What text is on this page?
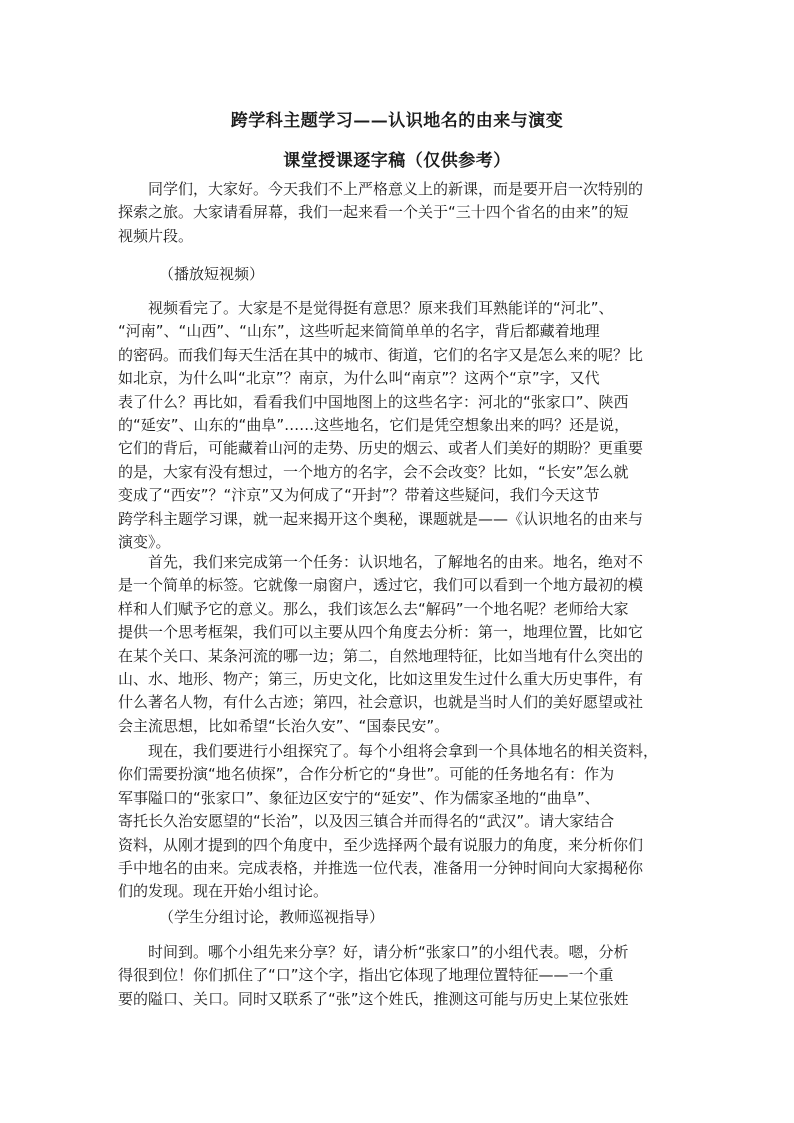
跨学科主题学习——认识地名的由来与演变
课堂授课逐字稿（仅供参考）
　　同学们，大家好。今天我们不上严格意义上的新课，而是要开启一次特别的
探索之旅。大家请看屏幕，我们一起来看一个关于“三十四个省名的由来”的短
视频片段。
（播放短视频）
　　视频看完了。大家是不是觉得挺有意思？原来我们耳熟能详的“河北”、
“河南”、“山西”、“山东”，这些听起来简简单单的名字，背后都藏着地理
的密码。而我们每天生活在其中的城市、街道，它们的名字又是怎么来的呢？比
如北京，为什么叫“北京”？南京，为什么叫“南京”？这两个“京”字，又代
表了什么？再比如，看看我们中国地图上的这些名字：河北的“张家口”、陕西
的“延安”、山东的“曲阜”……这些地名，它们是凭空想象出来的吗？还是说，
它们的背后，可能藏着山河的走势、历史的烟云、或者人们美好的期盼？更重要
的是，大家有没有想过，一个地方的名字，会不会改变？比如，“长安”怎么就
变成了“西安”？“汴京”又为何成了“开封”？带着这些疑问，我们今天这节
跨学科主题学习课，就一起来揭开这个奥秘，课题就是——《认识地名的由来与
演变》。
　　首先，我们来完成第一个任务：认识地名，了解地名的由来。地名，绝对不
是一个简单的标签。它就像一扇窗户，透过它，我们可以看到一个地方最初的模
样和人们赋予它的意义。那么，我们该怎么去“解码”一个地名呢？老师给大家
提供一个思考框架，我们可以主要从四个角度去分析：第一，地理位置，比如它
在某个关口、某条河流的哪一边；第二，自然地理特征，比如当地有什么突出的
山、水、地形、物产；第三，历史文化，比如这里发生过什么重大历史事件，有
什么著名人物，有什么古迹；第四，社会意识，也就是当时人们的美好愿望或社
会主流思想，比如希望“长治久安”、“国泰民安”。
　　现在，我们要进行小组探究了。每个小组将会拿到一个具体地名的相关资料，
你们需要扮演“地名侦探”，合作分析它的“身世”。可能的任务地名有：作为
军事隘口的“张家口”、象征边区安宁的“延安”、作为儒家圣地的“曲阜”、
寄托长久治安愿望的“长治”，以及因三镇合并而得名的“武汉”。请大家结合
资料，从刚才提到的四个角度中，至少选择两个最有说服力的角度，来分析你们
手中地名的由来。完成表格，并推选一位代表，准备用一分钟时间向大家揭秘你
们的发现。现在开始小组讨论。
（学生分组讨论，教师巡视指导）
　　时间到。哪个小组先来分享？好，请分析“张家口”的小组代表。嗯，分析
得很到位！你们抓住了“口”这个字，指出它体现了地理位置特征——一个重
要的隘口、关口。同时又联系了“张”这个姓氏，推测这可能与历史上某位张姓
